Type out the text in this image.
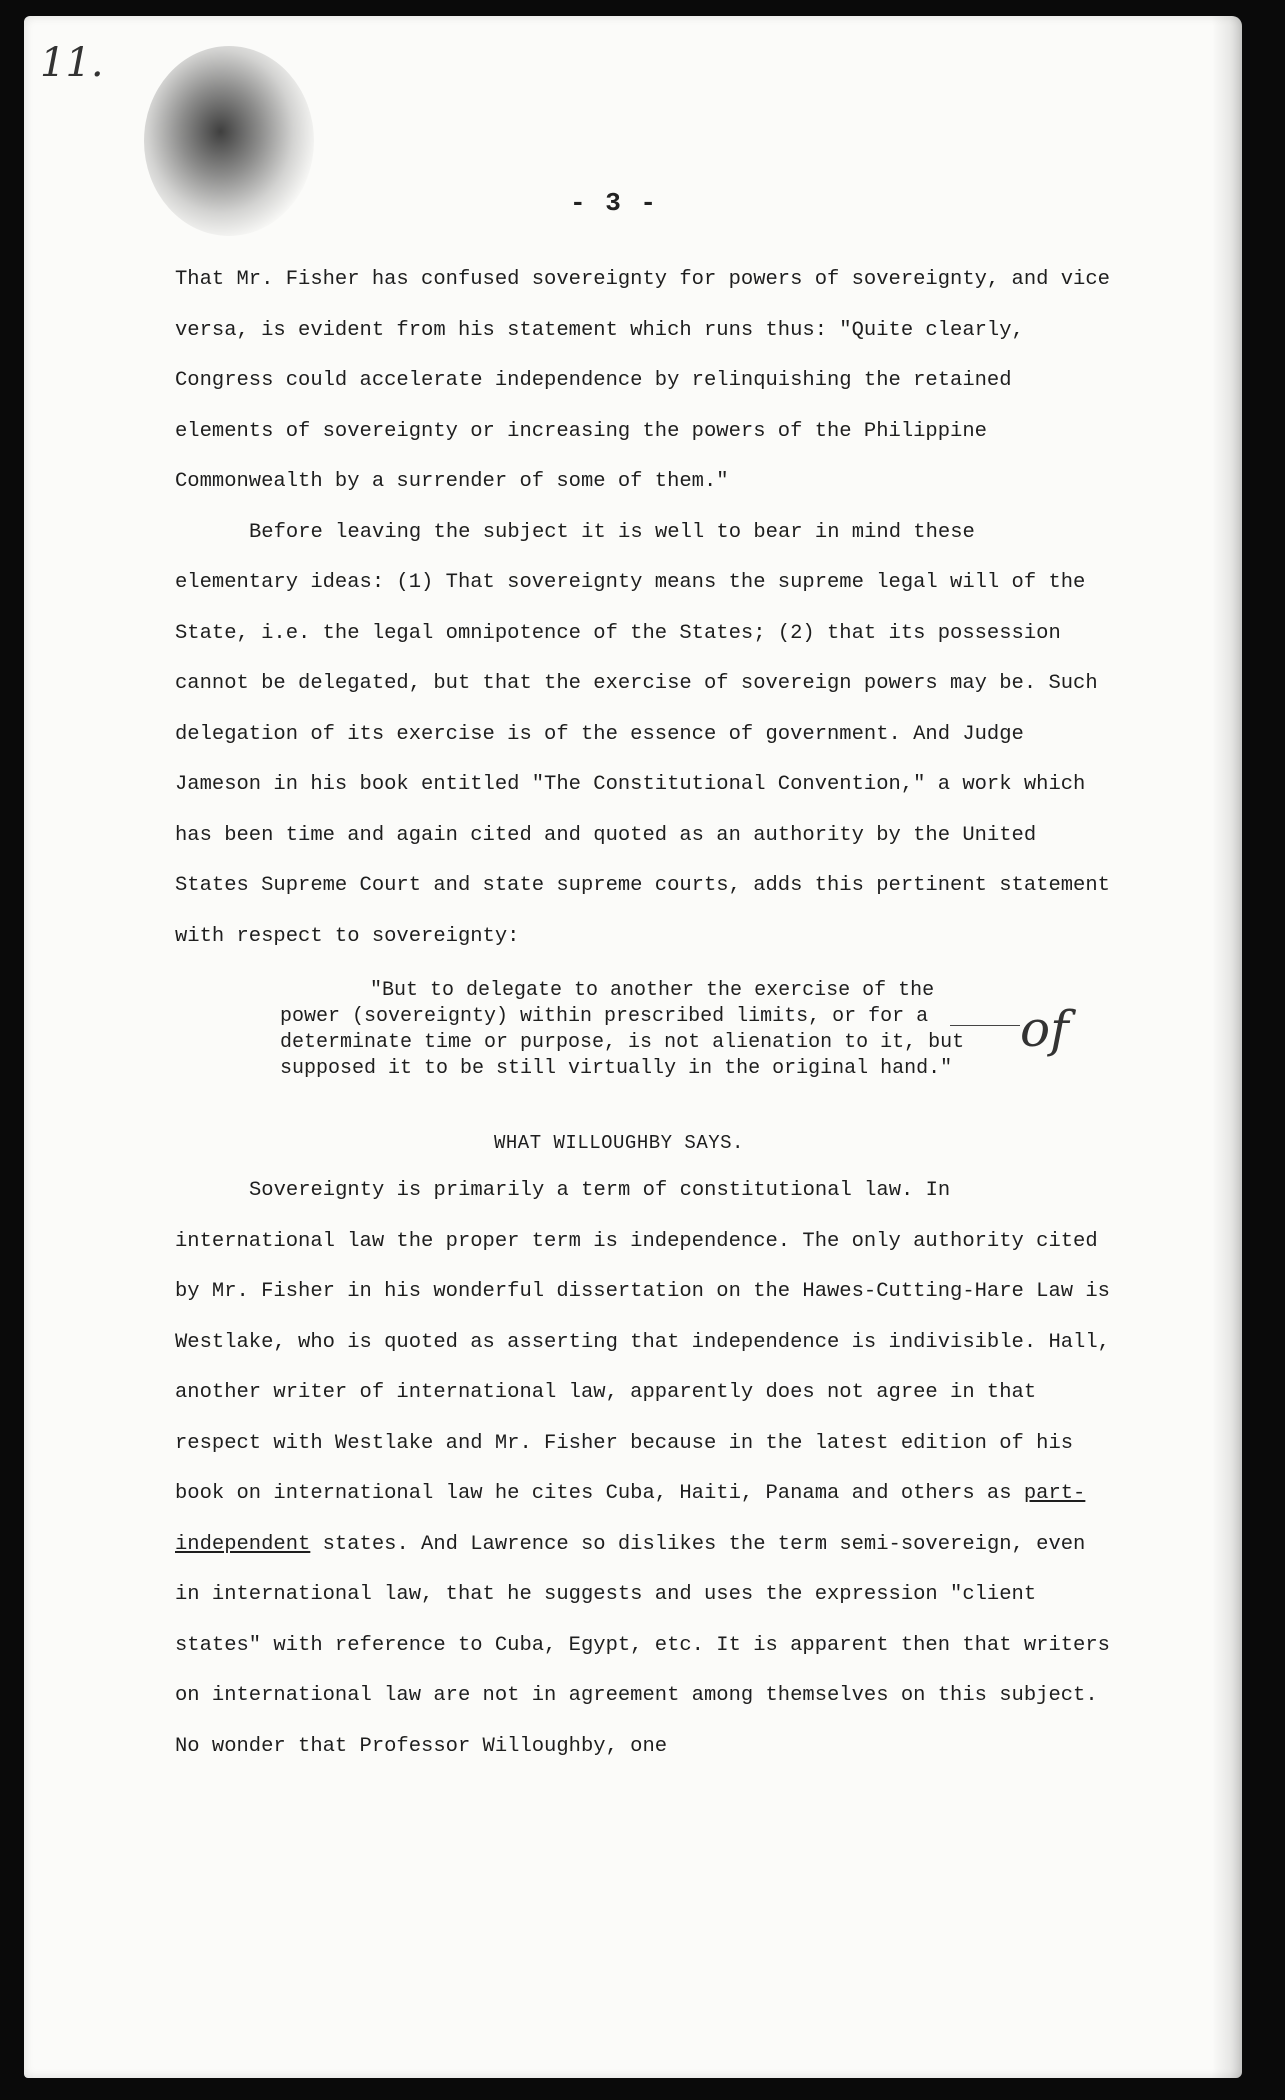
11.
- 3 -

That Mr. Fisher has confused sovereignty for powers of sovereignty, and vice versa, is evident from his statement which runs thus: "Quite clearly, Congress could accelerate independence by relinquishing the retained elements of sovereignty or increasing the powers of the Philippine Commonwealth by a surrender of some of them."

Before leaving the subject it is well to bear in mind these elementary ideas: (1) That sovereignty means the supreme legal will of the State, i.e. the legal omnipotence of the States; (2) that its possession cannot be delegated, but that the exercise of sovereign powers may be. Such delegation of its exercise is of the essence of government. And Judge Jameson in his book entitled "The Constitutional Convention," a work which has been time and again cited and quoted as an authority by the United States Supreme Court and state supreme courts, adds this pertinent statement with respect to sovereignty:

"But to delegate to another the exercise of the power (sovereignty) within prescribed limits, or for a determinate time or purpose, is not alienation to it, but supposed it to be still virtually in the original hand."

of
WHAT WILLOUGHBY SAYS.

Sovereignty is primarily a term of constitutional law. In international law the proper term is independence. The only authority cited by Mr. Fisher in his wonderful dissertation on the Hawes-Cutting-Hare Law is Westlake, who is quoted as asserting that independence is indivisible. Hall, another writer of international law, apparently does not agree in that respect with Westlake and Mr. Fisher because in the latest edition of his book on international law he cites Cuba, Haiti, Panama and others as part-independent states. And Lawrence so dislikes the term semi-sovereign, even in international law, that he suggests and uses the expression "client states" with reference to Cuba, Egypt, etc. It is apparent then that writers on international law are not in agreement among themselves on this subject. No wonder that Professor Willoughby, one
